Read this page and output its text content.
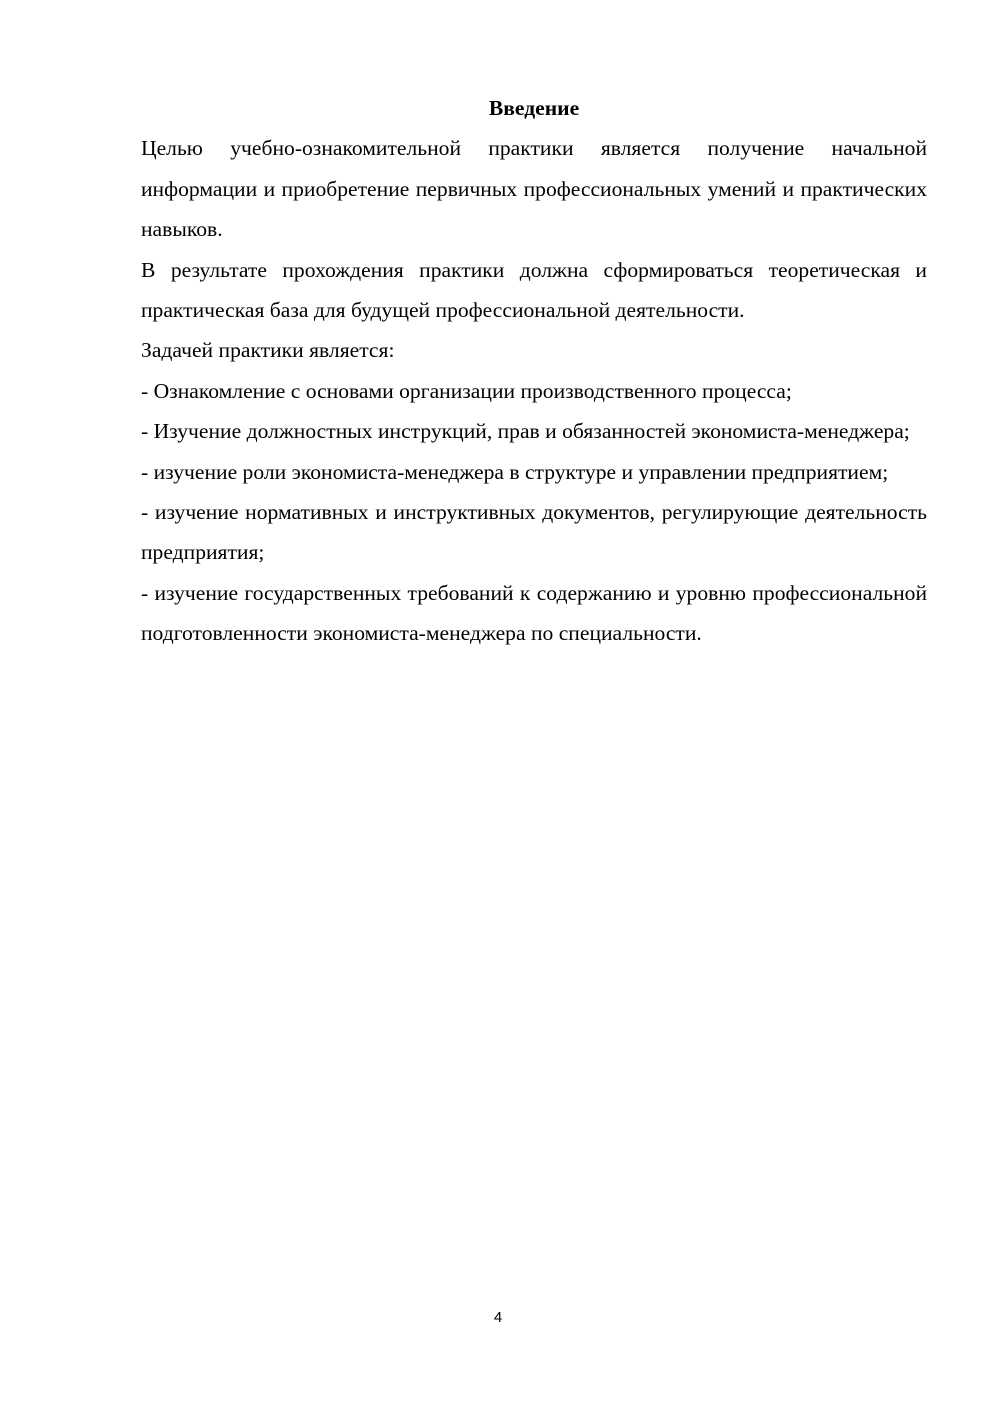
Введение

Целью учебно-ознакомительной практики является получение начальной информации и приобретение первичных профессиональных умений и практических навыков.

В результате прохождения практики должна сформироваться теоретическая и практическая база для будущей профессиональной деятельности.

Задачей практики является:

- Ознакомление с основами организации производственного процесса;

- Изучение должностных инструкций, прав и обязанностей экономиста-менеджера;

- изучение роли экономиста-менеджера в структуре и управлении предприятием;

- изучение нормативных и инструктивных документов, регулирующие деятельность предприятия;

- изучение государственных требований к содержанию и уровню профессиональной подготовленности экономиста-менеджера по специальности.

4
